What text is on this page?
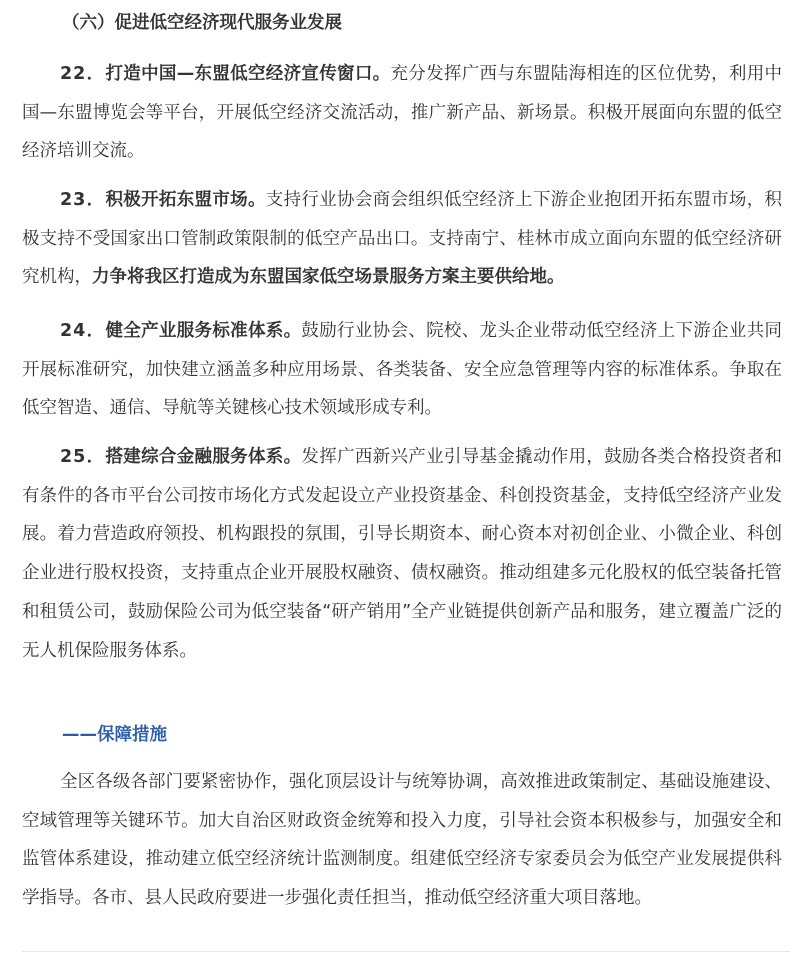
（六）促进低空经济现代服务业发展

22．打造中国—东盟低空经济宣传窗口。充分发挥广西与东盟陆海相连的区位优势，利用中国—东盟博览会等平台，开展低空经济交流活动，推广新产品、新场景。积极开展面向东盟的低空经济培训交流。

23．积极开拓东盟市场。支持行业协会商会组织低空经济上下游企业抱团开拓东盟市场，积极支持不受国家出口管制政策限制的低空产品出口。支持南宁、桂林市成立面向东盟的低空经济研究机构，力争将我区打造成为东盟国家低空场景服务方案主要供给地。

24．健全产业服务标准体系。鼓励行业协会、院校、龙头企业带动低空经济上下游企业共同开展标准研究，加快建立涵盖多种应用场景、各类装备、安全应急管理等内容的标准体系。争取在低空智造、通信、导航等关键核心技术领域形成专利。

25．搭建综合金融服务体系。发挥广西新兴产业引导基金撬动作用，鼓励各类合格投资者和有条件的各市平台公司按市场化方式发起设立产业投资基金、科创投资基金，支持低空经济产业发展。着力营造政府领投、机构跟投的氛围，引导长期资本、耐心资本对初创企业、小微企业、科创企业进行股权投资，支持重点企业开展股权融资、债权融资。推动组建多元化股权的低空装备托管和租赁公司，鼓励保险公司为低空装备“研产销用”全产业链提供创新产品和服务，建立覆盖广泛的无人机保险服务体系。

——保障措施

全区各级各部门要紧密协作，强化顶层设计与统筹协调，高效推进政策制定、基础设施建设、空域管理等关键环节。加大自治区财政资金统筹和投入力度，引导社会资本积极参与，加强安全和监管体系建设，推动建立低空经济统计监测制度。组建低空经济专家委员会为低空产业发展提供科学指导。各市、县人民政府要进一步强化责任担当，推动低空经济重大项目落地。
